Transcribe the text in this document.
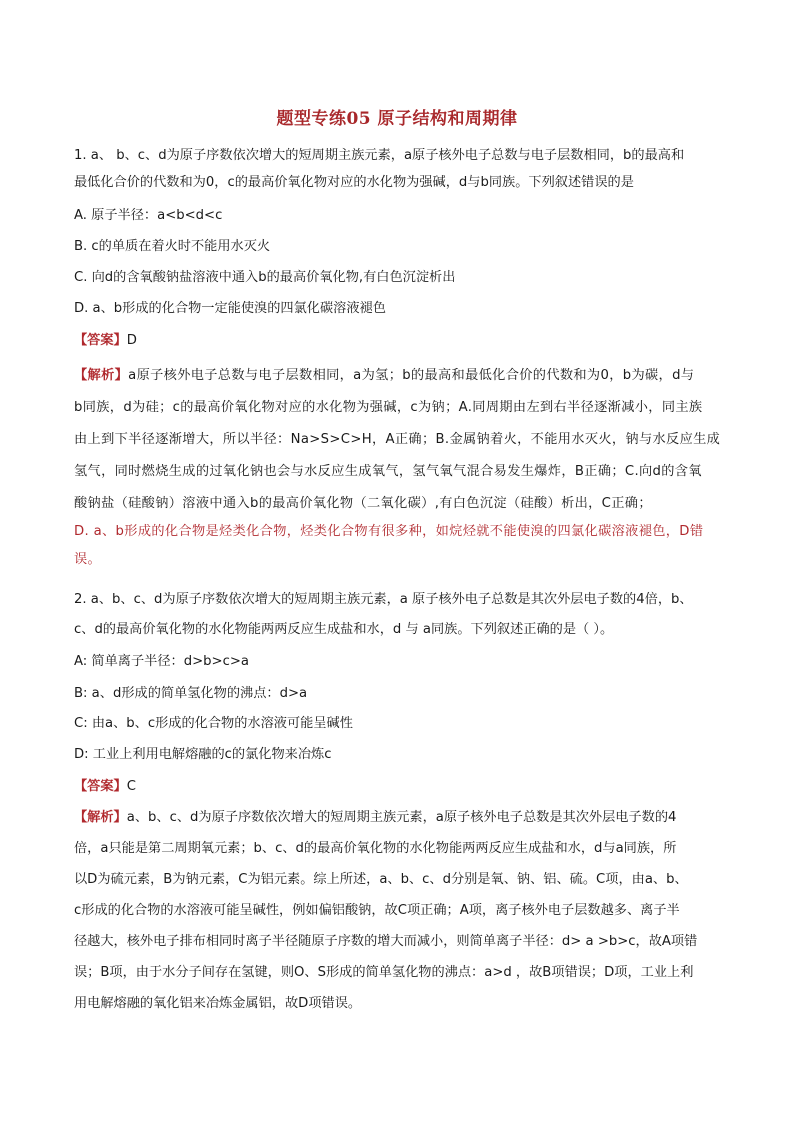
题型专练05 原子结构和周期律
1. a、 b、c、d为原子序数依次增大的短周期主族元素，a原子核外电子总数与电子层数相同，b的最高和
最低化合价的代数和为0，c的最高价氧化物对应的水化物为强碱，d与b同族。下列叙述错误的是
A. 原子半径：a<b<d<c
B. c的单质在着火时不能用水灭火
C. 向d的含氧酸钠盐溶液中通入b的最高价氧化物,有白色沉淀析出
D. a、b形成的化合物一定能使溴的四氯化碳溶液褪色
【答案】D
【解析】a原子核外电子总数与电子层数相同，a为氢；b的最高和最低化合价的代数和为0，b为碳，d与
b同族，d为硅；c的最高价氧化物对应的水化物为强碱，c为钠；A.同周期由左到右半径逐渐减小，同主族
由上到下半径逐渐增大，所以半径：Na>S>C>H，A正确；B.金属钠着火，不能用水灭火，钠与水反应生成
氢气，同时燃烧生成的过氧化钠也会与水反应生成氧气，氢气氧气混合易发生爆炸，B正确；C.向d的含氧
酸钠盐（硅酸钠）溶液中通入b的最高价氧化物（二氧化碳）,有白色沉淀（硅酸）析出，C正确；
D. a、b形成的化合物是烃类化合物，烃类化合物有很多种，如烷烃就不能使溴的四氯化碳溶液褪色，D错
误。
2. a、b、c、d为原子序数依次增大的短周期主族元素，a 原子核外电子总数是其次外层电子数的4倍，b、
c、d的最高价氧化物的水化物能两两反应生成盐和水，d 与 a同族。下列叙述正确的是（ ）。
A: 简单离子半径：d>b>c>a
B: a、d形成的简单氢化物的沸点：d>a
C: 由a、b、c形成的化合物的水溶液可能呈碱性
D: 工业上利用电解熔融的c的氯化物来冶炼c
【答案】C
【解析】a、b、c、d为原子序数依次增大的短周期主族元素，a原子核外电子总数是其次外层电子数的4
倍，a只能是第二周期氧元素；b、c、d的最高价氧化物的水化物能两两反应生成盐和水，d与a同族，所
以D为硫元素，B为钠元素，C为铝元素。综上所述，a、b、c、d分别是氧、钠、铝、硫。C项，由a、b、
c形成的化合物的水溶液可能呈碱性，例如偏铝酸钠，故C项正确；A项，离子核外电子层数越多、离子半
径越大，核外电子排布相同时离子半径随原子序数的增大而减小，则简单离子半径：d> a >b>c，故A项错
误；B项，由于水分子间存在氢键，则O、S形成的简单氢化物的沸点：a>d ，故B项错误；D项，工业上利
用电解熔融的氧化铝来冶炼金属铝，故D项错误。
